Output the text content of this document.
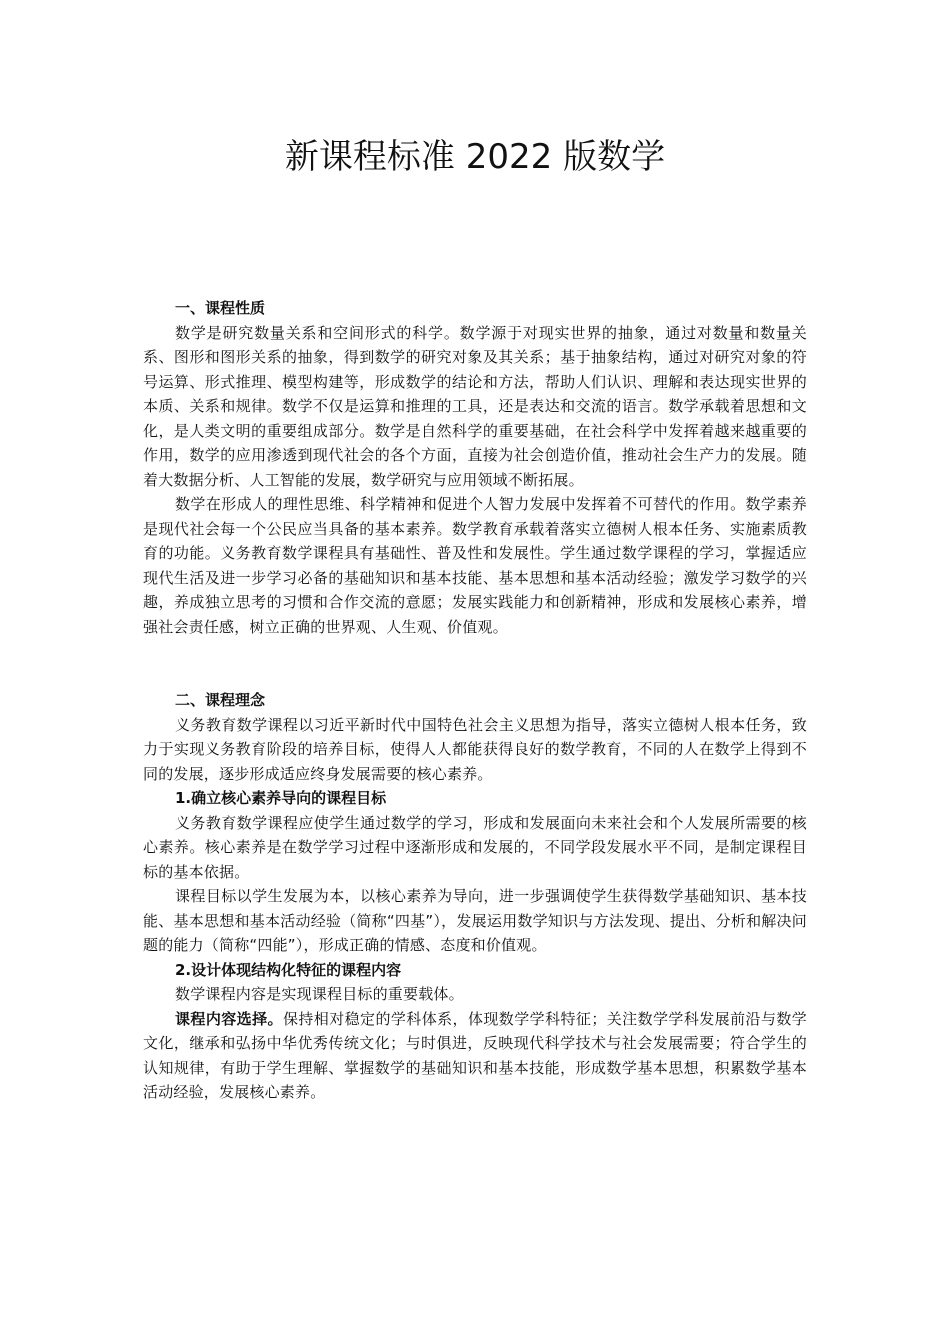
新课程标准 2022 版数学

一、课程性质

数学是研究数量关系和空间形式的科学。数学源于对现实世界的抽象，通过对数量和数量关系、图形和图形关系的抽象，得到数学的研究对象及其关系；基于抽象结构，通过对研究对象的符号运算、形式推理、模型构建等，形成数学的结论和方法，帮助人们认识、理解和表达现实世界的本质、关系和规律。数学不仅是运算和推理的工具，还是表达和交流的语言。数学承载着思想和文化，是人类文明的重要组成部分。数学是自然科学的重要基础，在社会科学中发挥着越来越重要的作用，数学的应用渗透到现代社会的各个方面，直接为社会创造价值，推动社会生产力的发展。随着大数据分析、人工智能的发展，数学研究与应用领域不断拓展。

数学在形成人的理性思维、科学精神和促进个人智力发展中发挥着不可替代的作用。数学素养是现代社会每一个公民应当具备的基本素养。数学教育承载着落实立德树人根本任务、实施素质教育的功能。义务教育数学课程具有基础性、普及性和发展性。学生通过数学课程的学习，掌握适应现代生活及进一步学习必备的基础知识和基本技能、基本思想和基本活动经验；激发学习数学的兴趣，养成独立思考的习惯和合作交流的意愿；发展实践能力和创新精神，形成和发展核心素养，增强社会责任感，树立正确的世界观、人生观、价值观。

二、课程理念

义务教育数学课程以习近平新时代中国特色社会主义思想为指导，落实立德树人根本任务，致力于实现义务教育阶段的培养目标，使得人人都能获得良好的数学教育，不同的人在数学上得到不同的发展，逐步形成适应终身发展需要的核心素养。

1.确立核心素养导向的课程目标

义务教育数学课程应使学生通过数学的学习，形成和发展面向未来社会和个人发展所需要的核心素养。核心素养是在数学学习过程中逐渐形成和发展的，不同学段发展水平不同，是制定课程目标的基本依据。

课程目标以学生发展为本，以核心素养为导向，进一步强调使学生获得数学基础知识、基本技能、基本思想和基本活动经验（简称“四基”），发展运用数学知识与方法发现、提出、分析和解决问题的能力（简称“四能”），形成正确的情感、态度和价值观。

2.设计体现结构化特征的课程内容

数学课程内容是实现课程目标的重要载体。

课程内容选择。保持相对稳定的学科体系，体现数学学科特征；关注数学学科发展前沿与数学文化，继承和弘扬中华优秀传统文化；与时俱进，反映现代科学技术与社会发展需要；符合学生的认知规律，有助于学生理解、掌握数学的基础知识和基本技能，形成数学基本思想，积累数学基本活动经验，发展核心素养。
